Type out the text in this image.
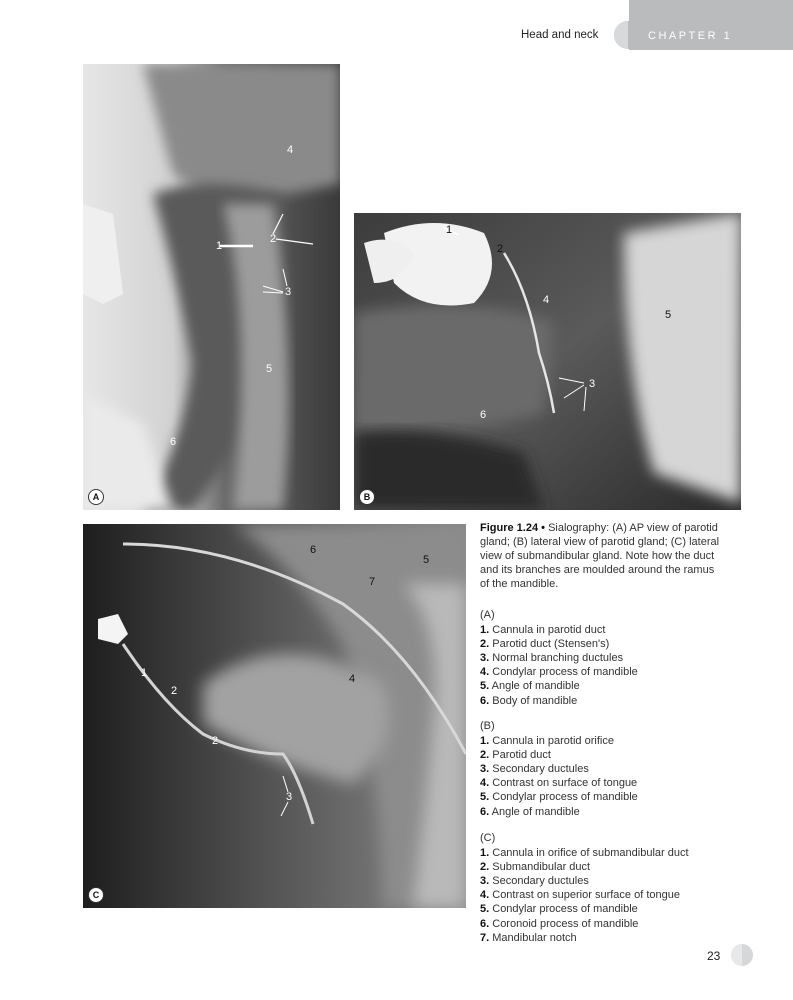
Head and neck	CHAPTER 1
A
1
2
3
4
5
6
B
1
2
3
4
5
6
C
1
2
2
3
4
5
6
7
Figure 1.24 • Sialography: (A) AP view of parotid gland; (B) lateral view of parotid gland; (C) lateral view of submandibular gland. Note how the duct and its branches are moulded around the ramus of the mandible.
(A)
1. Cannula in parotid duct
2. Parotid duct (Stensen's)
3. Normal branching ductules
4. Condylar process of mandible
5. Angle of mandible
6. Body of mandible
(B)
1. Cannula in parotid orifice
2. Parotid duct
3. Secondary ductules
4. Contrast on surface of tongue
5. Condylar process of mandible
6. Angle of mandible
(C)
1. Cannula in orifice of submandibular duct
2. Submandibular duct
3. Secondary ductules
4. Contrast on superior surface of tongue
5. Condylar process of mandible
6. Coronoid process of mandible
7. Mandibular notch
23
